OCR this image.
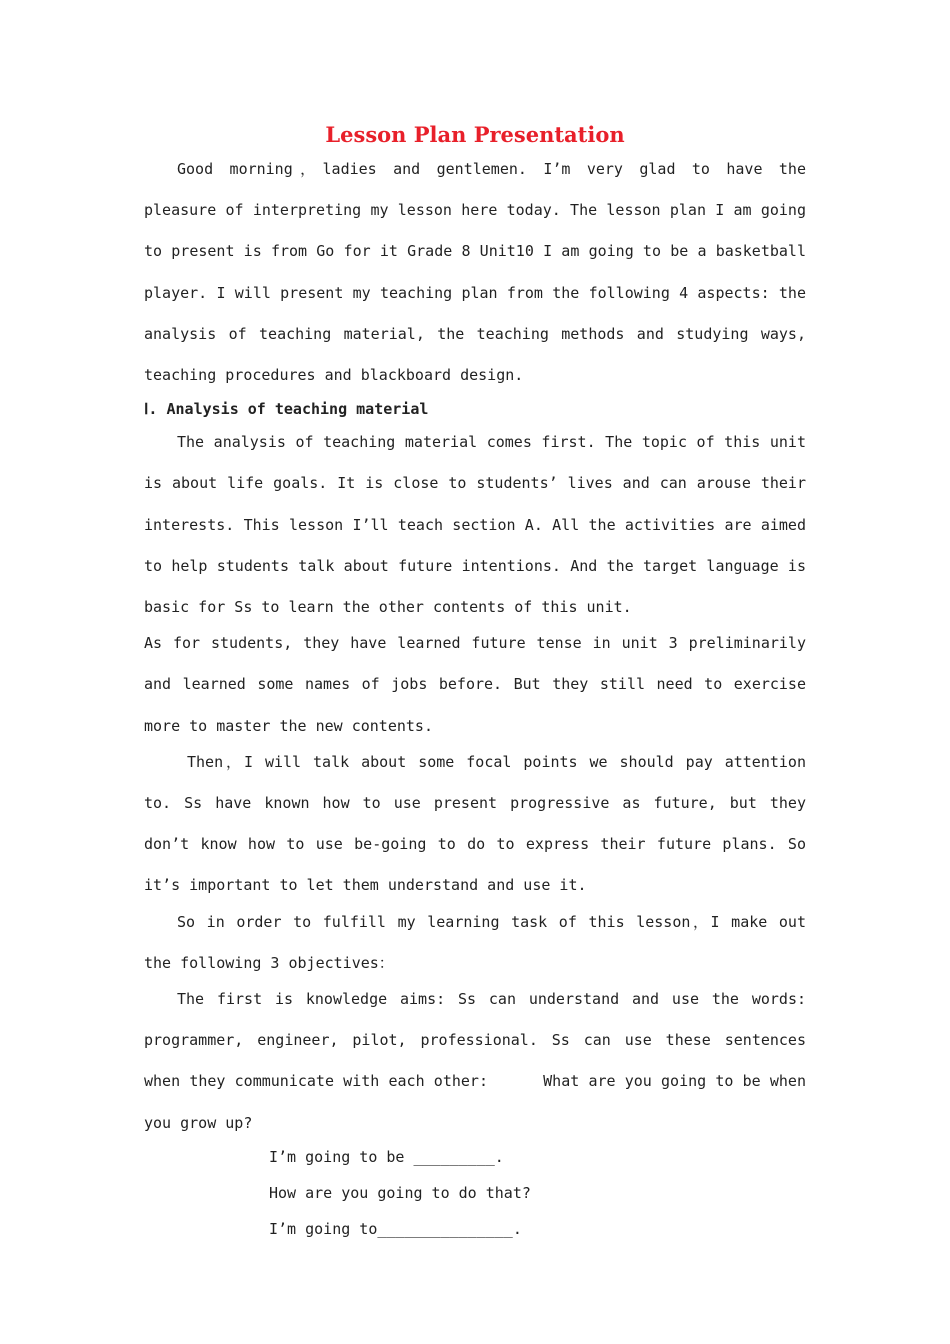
Lesson Plan Presentation

Good morning，ladies and gentlemen. I’m very glad to have the pleasure of interpreting my lesson here today. The lesson plan I am going to present is from Go for it Grade 8 Unit10 I am going to be a basketball player. I will present my teaching plan from the following 4 aspects: the analysis of teaching material, the teaching methods and studying ways, teaching procedures and blackboard design.

Ⅰ. Analysis of teaching material

The analysis of teaching material comes first. The topic of this unit is about life goals. It is close to students’ lives and can arouse their interests. This lesson I’ll teach section A. All the activities are aimed to help students talk about future intentions. And the target language is basic for Ss to learn the other contents of this unit.

As for students, they have learned future tense in unit 3 preliminarily and learned some names of jobs before. But they still need to exercise more to master the new contents.

Then，I will talk about some focal points we should pay attention to. Ss have known how to use present progressive as future, but they don’t know how to use be-going to do to express their future plans. So it’s important to let them understand and use it.

So in order to fulfill my learning task of this lesson，I make out the following 3 objectives：

The first is knowledge aims: Ss can understand and use the words: programmer, engineer, pilot, professional. Ss can use these sentences when they communicate with each other:      What are you going to be when you grow up?

I’m going to be _________.

How are you going to do that?

I’m going to_______________.
